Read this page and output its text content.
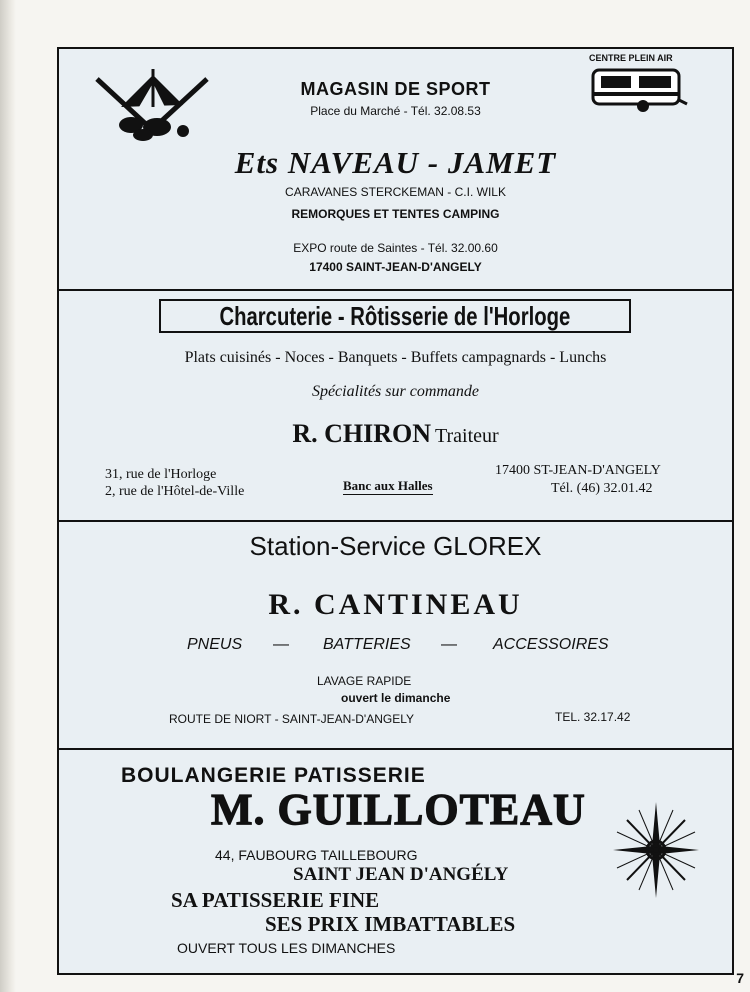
MAGASIN DE SPORT
Place du Marché - Tél. 32.08.53
CENTRE PLEIN AIR
Ets NAVEAU - JAMET
CARAVANES STERCKEMAN - C.I. WILK
REMORQUES ET TENTES CAMPING
EXPO route de Saintes - Tél. 32.00.60
17400 SAINT-JEAN-D'ANGELY
Charcuterie - Rôtisserie de l'Horloge
Plats cuisinés - Noces - Banquets - Buffets campagnards - Lunchs
Spécialités sur commande
R. CHIRON Traiteur
31, rue de l'Horloge
2, rue de l'Hôtel-de-Ville	Banc aux Halles
17400 ST-JEAN-D'ANGELY
Tél. (46) 32.01.42
Station-Service GLOREX
R. CANTINEAU
PNEUS — BATTERIES — ACCESSOIRES
LAVAGE RAPIDE
ouvert le dimanche
ROUTE DE NIORT - SAINT-JEAN-D'ANGELY	TEL. 32.17.42
BOULANGERIE PATISSERIE
M. GUILLOTEAU
44, FAUBOURG TAILLEBOURG
SAINT JEAN D'ANGÉLY
SA PATISSERIE FINE
SES PRIX IMBATTABLES
OUVERT TOUS LES DIMANCHES
7
